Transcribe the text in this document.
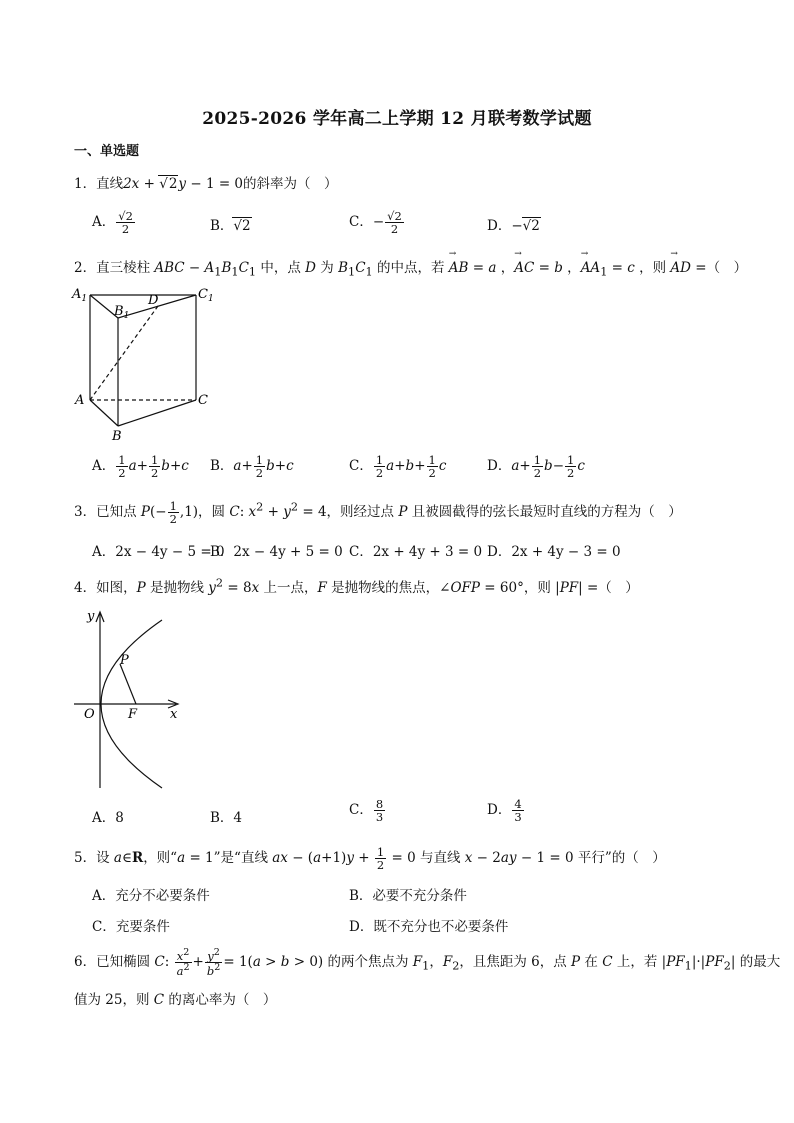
2025-2026 学年高二上学期 12 月联考数学试题
一、单选题
1．直线2x + √2y − 1 = 0的斜率为（　）
A． $\frac{√2}{2}$	B．√2	C．− $\frac{√2}{2}$	D．−√2
2．直三棱柱 ABC − $A_1B_1C_1$ 中，点 D 为 $B_1C_1$ 的中点，若 → AB = a ，→ AC = b ，→ $AA_1 = c$ ，则 → AD =（　）
$A_1$
$B_1$
D	$C_1$
A	C
B
A． $\frac{1}{2} a+ \frac{1}{2} b+c$ B．$a+ \frac{1}{2} b+c$	C． $\frac{1}{2} a+b+ \frac{1}{2}$ c	D．$a+ \frac{1}{2} b- \frac{1}{2}$ c
3．已知点 $P(- \frac{1}{2} ,1)$，圆 C: $x^2 + y^2 = 4$，则经过点 P 且被圆截得的弦长最短时直线的方程为（　）
A．2x − 4y − 5 = 0
B．2x − 4y + 5 = 0 C．2x + 4y + 3 = 0 D．2x + 4y − 3 = 0
4．如图，P 是抛物线 $y^2 = 8x$ 上一点，F 是抛物线的焦点，∠OFP = 60°，则 |PF| =（　）
y
P
O	F	x
A．8	B．4	C． $\frac{8}{3}$	D． $\frac{4}{3}$
5．设 a∈R，则“a = 1”是“直线 ax − $(a+1)y + \frac{1}{2} = 0$ 与直线 x − 2ay − 1 = 0 平行”的（　）
A．充分不必要条件	B．必要不充分条件
C．充要条件	D．既不充分也不必要条件
6．已知椭圆 C: $\frac{x^2}{a^2} + \frac{y^2}{b^2} = 1(a > b > 0)$ 的两个焦点为 $F_1$，$F_2$，且焦距为 6，点 P 在 C 上，若 $|PF_1|\cdot|PF_2|$ 的最大
值为 25，则 C 的离心率为（　）
